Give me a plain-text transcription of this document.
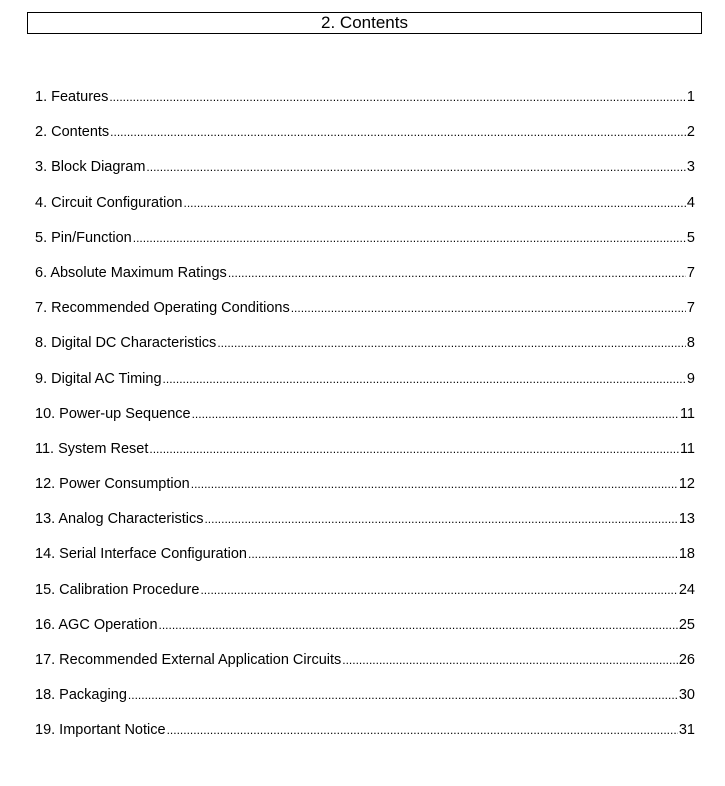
2. Contents
1. Features .....	1
2. Contents .....	2
3. Block Diagram .....	3
4. Circuit Configuration .....	4
5. Pin/Function .....	5
6. Absolute Maximum Ratings .....	7
7. Recommended Operating Conditions .....	7
8. Digital DC Characteristics .....	8
9. Digital AC Timing .....	9
10. Power-up Sequence .....	11
11. System Reset .....	11
12. Power Consumption .....	12
13. Analog Characteristics .....	13
14. Serial Interface Configuration .....	18
15. Calibration Procedure .....	24
16. AGC Operation .....	25
17. Recommended External Application Circuits .....	26
18. Packaging .....	30
19. Important Notice .....	31
